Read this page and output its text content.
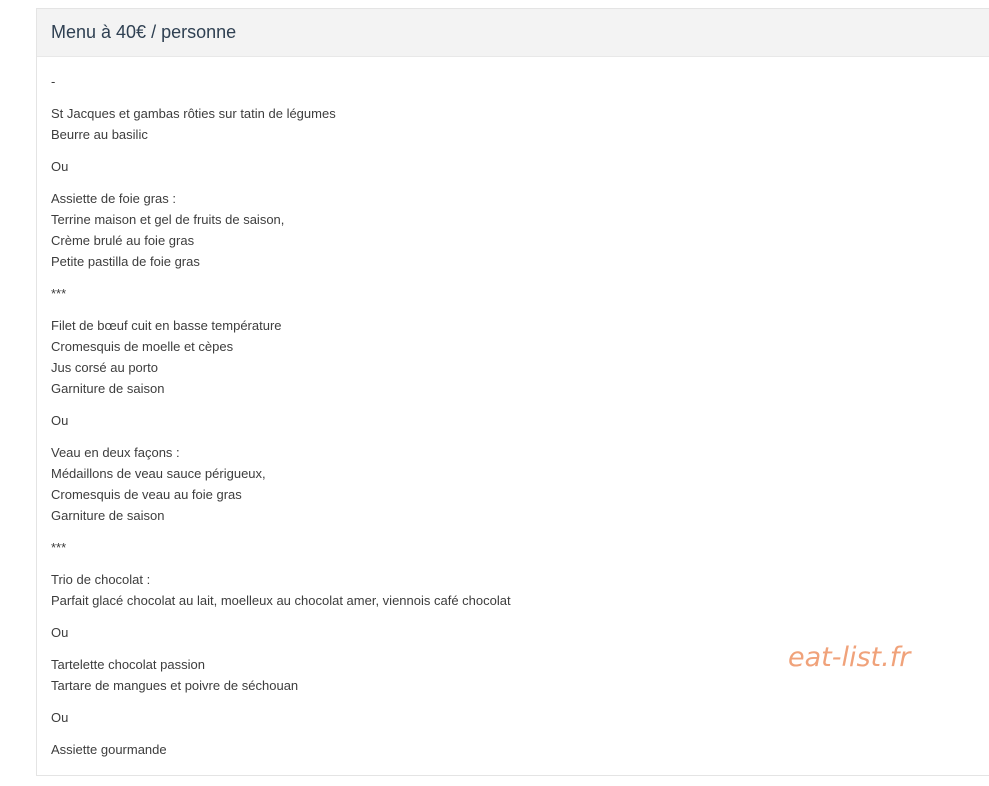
Menu à 40€ / personne

-

St Jacques et gambas rôties sur tatin de légumes
Beurre au basilic

Ou

Assiette de foie gras :
Terrine maison et gel de fruits de saison,
Crème brulé au foie gras
Petite pastilla de foie gras

***

Filet de bœuf cuit en basse température
Cromesquis de moelle et cèpes
Jus corsé au porto
Garniture de saison

Ou

Veau en deux façons :
Médaillons de veau sauce périgueux,
Cromesquis de veau au foie gras
Garniture de saison

***

Trio de chocolat :
Parfait glacé chocolat au lait, moelleux au chocolat amer, viennois café chocolat

Ou

Tartelette chocolat passion
Tartare de mangues et poivre de séchouan

Ou

Assiette gourmande

eat-list.fr
